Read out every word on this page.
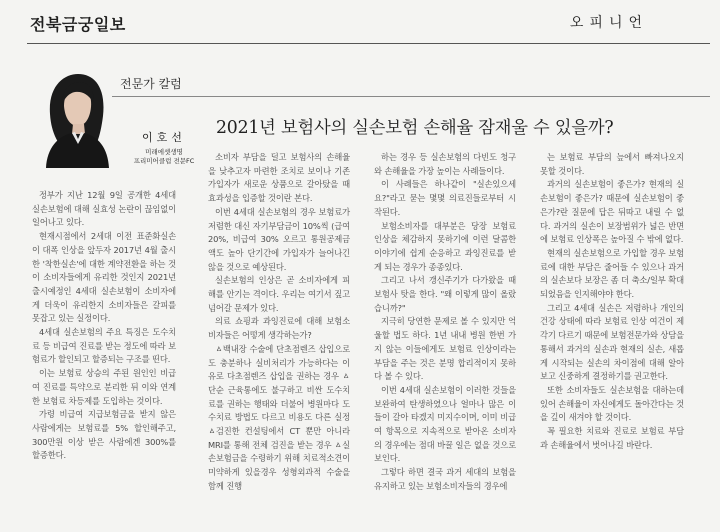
전북금궁일보	오피니언
전문가 칼럼
이호선
미래에셋생명
프리미어클럽 전문FC
2021년 보험사의 실손보험 손해율 잠재울 수 있을까?

정부가 지난 12월 9일 공개한 4세대 실손보험에 대해 실효성 논란이 끊임없이 일어나고 있다.

현재시점에서 2세대 이전 표준화실손이 대폭 인상을 앞두자 2017년 4월 출시한 '착한실손'에 대한 계약전환을 하는 것이 소비자들에게 유리한 것인지 2021년 출시예정인 4세대 실손보험이 소비자에게 더욱이 유리한지 소비자들은 갈피를 못잡고 있는 실정이다.

4세대 실손보험의 주요 특징은 도수치료 등 비급여 진료를 받는 정도에 따라 보험료가 할인되고 할증되는 구조를 띤다.

이는 보험료 상승의 주된 원인인 비급여 진료를 특약으로 분리한 뒤 이와 연계한 보험료 차등제를 도입하는 것이다.

가령 비급여 지급보험금을 받지 않은 사람에게는 보험료를 5% 할인해주고, 300만원 이상 받은 사람에겐 300%를 할증한다.

소비자 부담을 덜고 보험사의 손해율을 낮추고자 마련한 조치로 보이나 기존 가입자가 새로운 상품으로 갈아탔을 때 효과성을 입증할 것이란 본다.

이번 4세대 실손보험의 경우 보험료가 저렴한 대신 자기부담금이 10%씩 (급여 20%, 비급여 30% 오르고 통원공제금액도 높아 단기간에 가입자가 늘어나긴 않을 것으로 예상된다.

실손보험의 인상은 곧 소비자에게 피해를 안기는 격이다. 우리는 여기서 짚고 넘어갈 문제가 있다.

의료 쇼핑과 과잉진료에 대해 보험소비자들은 어떻게 생각하는가?

ㅿ백내장 수술에 단초점렌즈 삽입으로도 충분하나 실비처리가 가능하다는 이유로 다초점렌즈 삽입을 권하는 경우 ㅿ단순 근육통에도 불구하고 비싼 도수치료를 권하는 행태와 더불어 병원마다 도수치료 방법도 다르고 비용도 다른 실정 ㅿ검진한 컨설팅에서 CT 뿐만 아니라 MRI를 통해 전체 검진을 받는 경우 ㅿ실손보험금을 수령하기 위해 치료적소견이 미약하게 있을경우 성형외과적 수술을 함께 진행

하는 경우 등 실손보험의 다빈도 청구와 손해율을 가장 높이는 사례들이다.

이 사례들은 하나같이 "실손있으세요?"라고 묻는 몇몇 의료진들로부터 시작된다.

보험소비자를 대부분은 당장 보험료 인상을 체감하지 못하기에 이런 달콤한 이야기에 쉽게 순응하고 과잉진료를 받게 되는 경우가 종종있다.

그리고 나서 갱신주기가 다가왔을 때 보험사 탓을 한다. "왜 이렇게 많이 올랐습니까?"

지극히 당연한 문제로 볼 수 있지만 억울할 법도 하다. 1년 내내 병원 한번 가지 않는 이들에게도 보험료 인상이라는 부담을 주는 것은 분명 합리적이지 못하다 볼 수 있다.

이번 4세대 실손보험이 이러한 것들을 보완하여 탄생하였으나 얼마나 많은 이들이 갈아 타겠지 미지수이며, 이미 비급여 항목으로 지속적으로 받아온 소비자의 경우에는 점대 바꿀 일은 없을 것으로 보인다.

그렇다 하면 결국 과거 세대의 보험을 유지하고 있는 보험소비자들의 경우에

는 보험료 부담의 늪에서 빠져나오지 못할 것이다.

과거의 실손보험이 좋은가? 현재의 실손보험이 좋은가? 때문에 실손보험이 좋은가?란 질문에 답은 뒤따고 내릴 수 없다. 과거의 실손이 보장범위가 넓은 반면에 보험료 인상폭은 높아질 수 밖에 없다.

현재의 실손보험으로 가입할 경우 보험료에 대한 부담은 줄어들 수 있으나 과거의 실손보다 보장은 좀 더 축소/일부 확대되었음을 인지해야야 한다.

그리고 4세대 실손은 저렴하나 개인의 건강 상태에 따라 보험료 인상 여건이 제각기 다르기 때문에 보험전문가와 상담을 통해서 과거의 실손과 현재의 실손, 새롭게 시작되는 실손의 차이점에 대해 알아보고 신중하게 결정하기를 권고한다.

또한 소비자들도 실손보험을 대하는데 있어 손해율이 자신에게도 돌아간다는 것을 깊이 새겨야 할 것이다.

꼭 필요한 치료와 진료로 보험료 부담과 손해율에서 벗어나길 바란다.
